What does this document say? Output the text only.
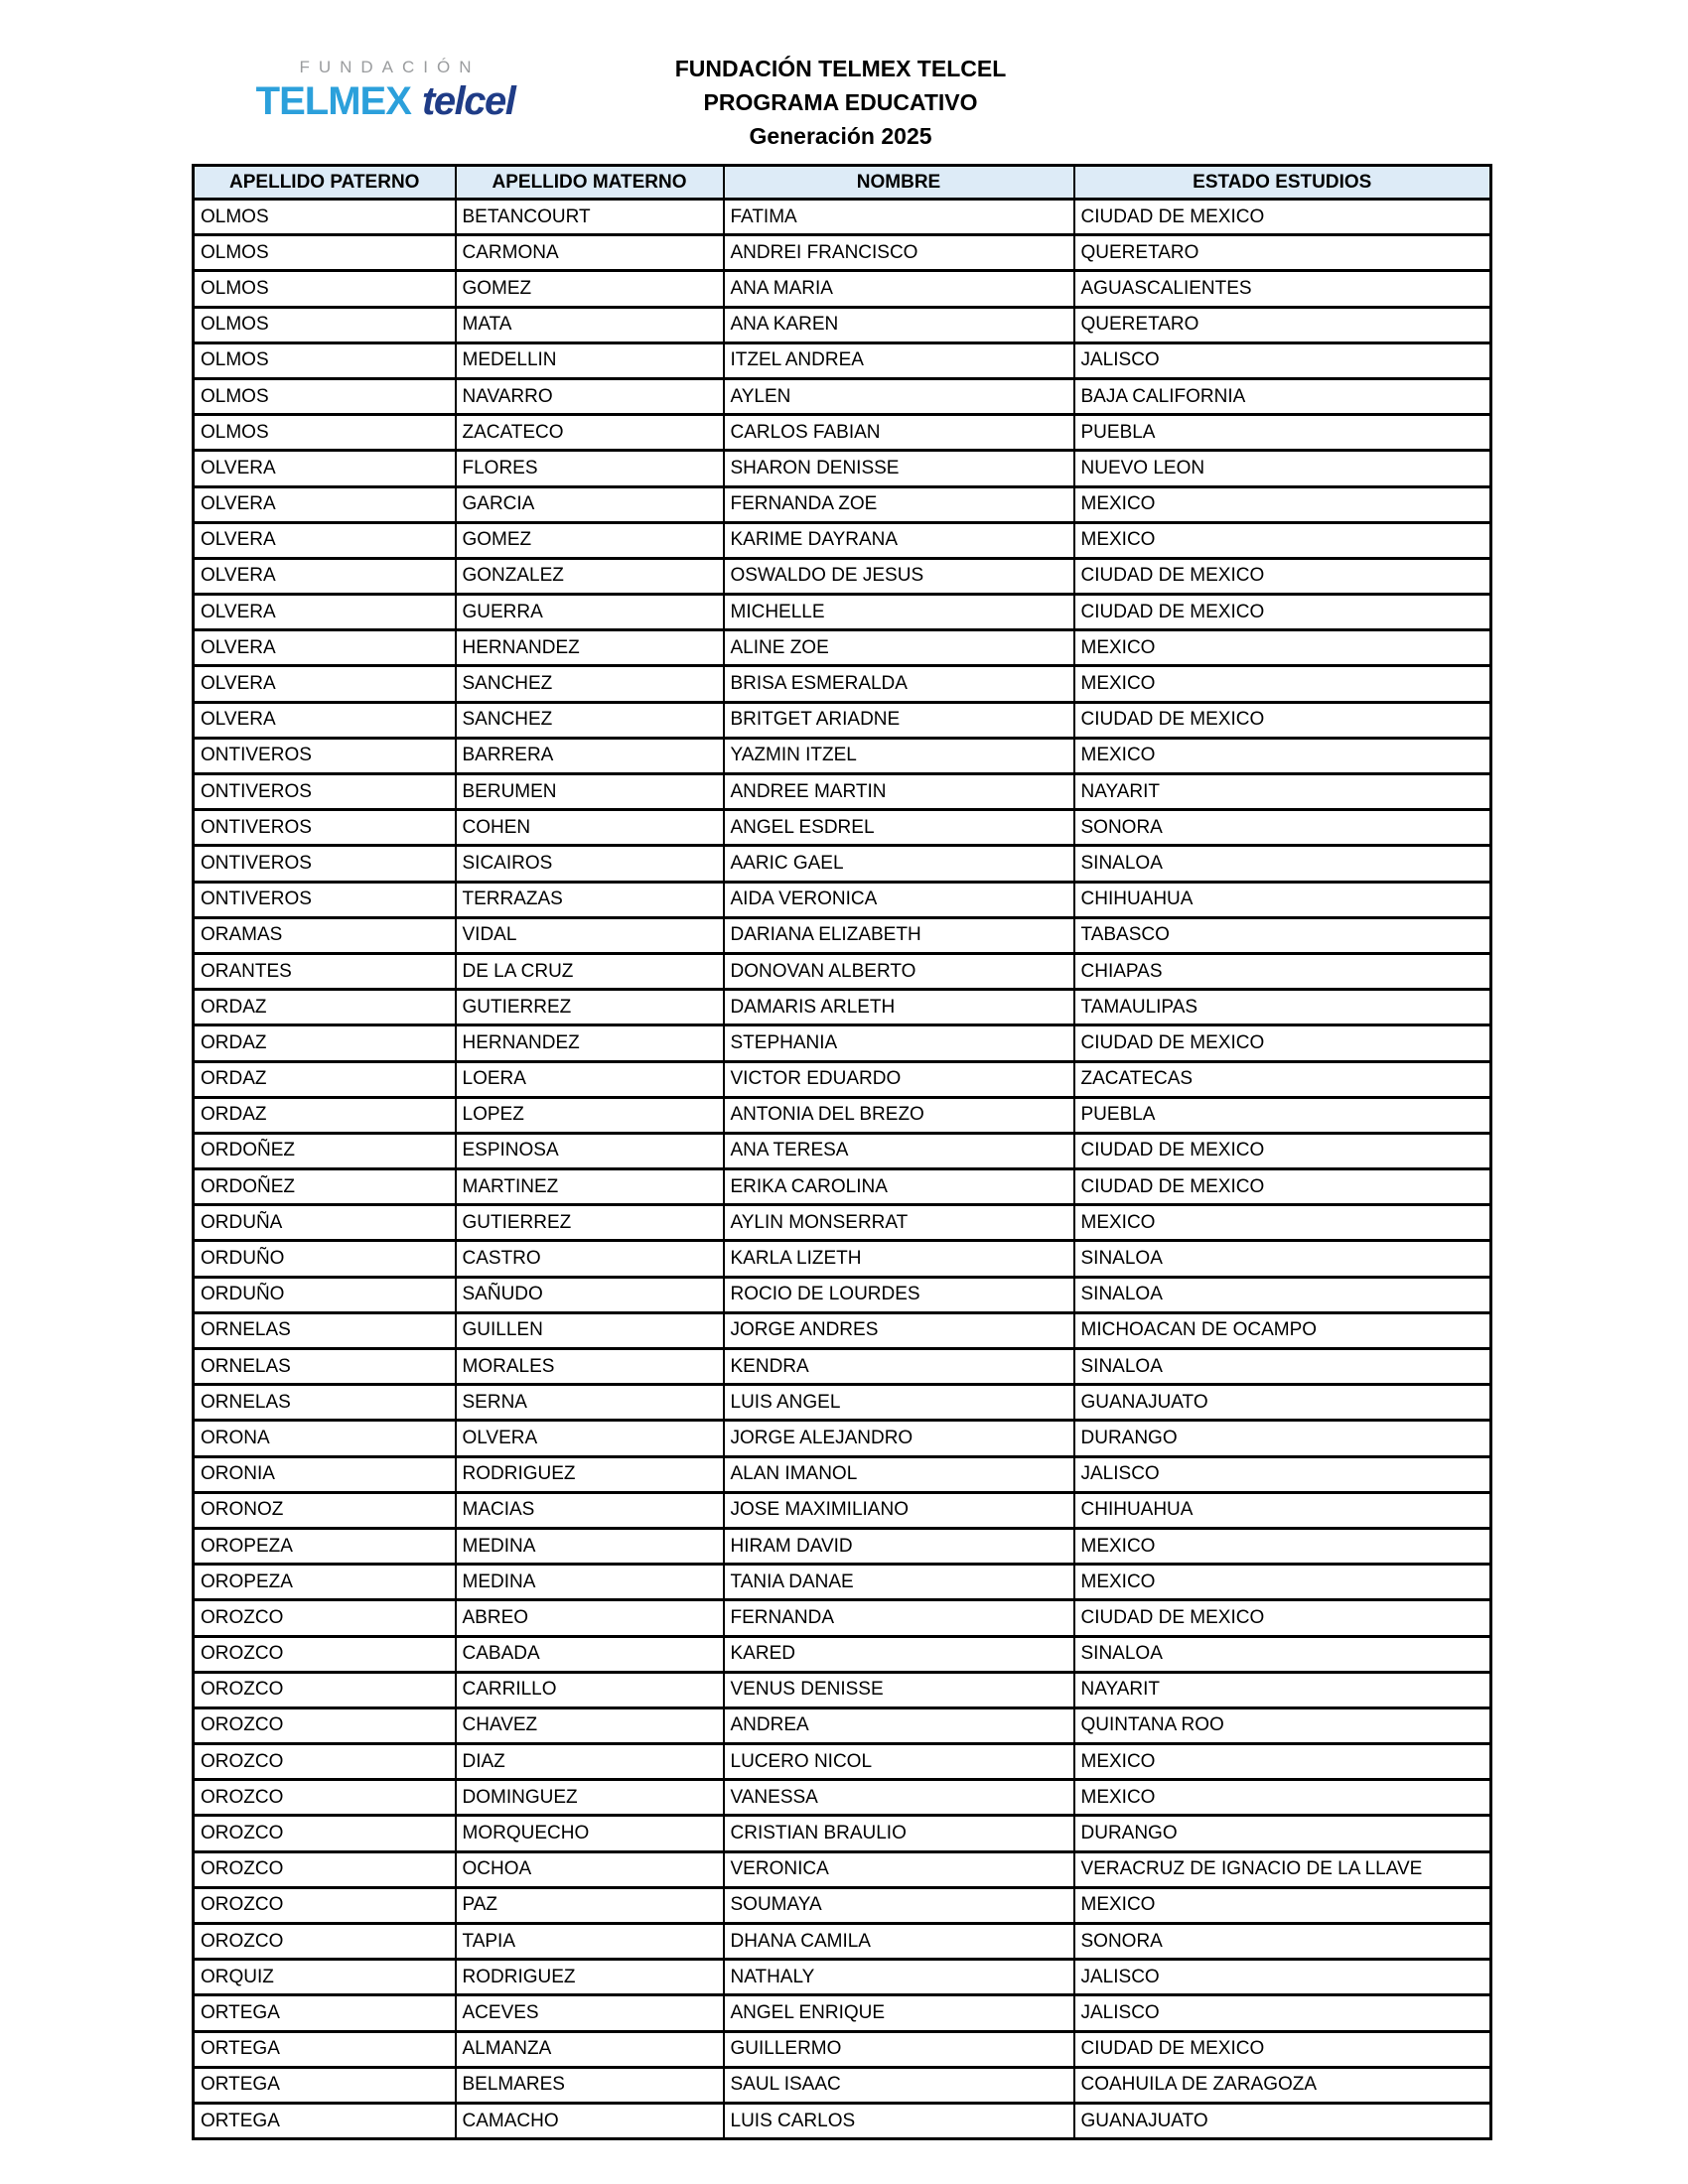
FUNDACIÓN
TELMEX telcel
FUNDACIÓN TELMEX TELCEL
PROGRAMA EDUCATIVO
Generación 2025
APELLIDO PATERNO	APELLIDO MATERNO	NOMBRE	ESTADO ESTUDIOS
OLMOS	BETANCOURT	FATIMA	CIUDAD DE MEXICO
OLMOS	CARMONA	ANDREI FRANCISCO	QUERETARO
OLMOS	GOMEZ	ANA MARIA	AGUASCALIENTES
OLMOS	MATA	ANA KAREN	QUERETARO
OLMOS	MEDELLIN	ITZEL ANDREA	JALISCO
OLMOS	NAVARRO	AYLEN	BAJA CALIFORNIA
OLMOS	ZACATECO	CARLOS FABIAN	PUEBLA
OLVERA	FLORES	SHARON DENISSE	NUEVO LEON
OLVERA	GARCIA	FERNANDA ZOE	MEXICO
OLVERA	GOMEZ	KARIME DAYRANA	MEXICO
OLVERA	GONZALEZ	OSWALDO DE JESUS	CIUDAD DE MEXICO
OLVERA	GUERRA	MICHELLE	CIUDAD DE MEXICO
OLVERA	HERNANDEZ	ALINE ZOE	MEXICO
OLVERA	SANCHEZ	BRISA ESMERALDA	MEXICO
OLVERA	SANCHEZ	BRITGET ARIADNE	CIUDAD DE MEXICO
ONTIVEROS	BARRERA	YAZMIN ITZEL	MEXICO
ONTIVEROS	BERUMEN	ANDREE MARTIN	NAYARIT
ONTIVEROS	COHEN	ANGEL ESDREL	SONORA
ONTIVEROS	SICAIROS	AARIC GAEL	SINALOA
ONTIVEROS	TERRAZAS	AIDA VERONICA	CHIHUAHUA
ORAMAS	VIDAL	DARIANA ELIZABETH	TABASCO
ORANTES	DE LA CRUZ	DONOVAN ALBERTO	CHIAPAS
ORDAZ	GUTIERREZ	DAMARIS ARLETH	TAMAULIPAS
ORDAZ	HERNANDEZ	STEPHANIA	CIUDAD DE MEXICO
ORDAZ	LOERA	VICTOR EDUARDO	ZACATECAS
ORDAZ	LOPEZ	ANTONIA DEL BREZO	PUEBLA
ORDOÑEZ	ESPINOSA	ANA TERESA	CIUDAD DE MEXICO
ORDOÑEZ	MARTINEZ	ERIKA CAROLINA	CIUDAD DE MEXICO
ORDUÑA	GUTIERREZ	AYLIN MONSERRAT	MEXICO
ORDUÑO	CASTRO	KARLA LIZETH	SINALOA
ORDUÑO	SAÑUDO	ROCIO DE LOURDES	SINALOA
ORNELAS	GUILLEN	JORGE ANDRES	MICHOACAN DE OCAMPO
ORNELAS	MORALES	KENDRA	SINALOA
ORNELAS	SERNA	LUIS ANGEL	GUANAJUATO
ORONA	OLVERA	JORGE ALEJANDRO	DURANGO
ORONIA	RODRIGUEZ	ALAN IMANOL	JALISCO
ORONOZ	MACIAS	JOSE MAXIMILIANO	CHIHUAHUA
OROPEZA	MEDINA	HIRAM DAVID	MEXICO
OROPEZA	MEDINA	TANIA DANAE	MEXICO
OROZCO	ABREO	FERNANDA	CIUDAD DE MEXICO
OROZCO	CABADA	KARED	SINALOA
OROZCO	CARRILLO	VENUS DENISSE	NAYARIT
OROZCO	CHAVEZ	ANDREA	QUINTANA ROO
OROZCO	DIAZ	LUCERO NICOL	MEXICO
OROZCO	DOMINGUEZ	VANESSA	MEXICO
OROZCO	MORQUECHO	CRISTIAN BRAULIO	DURANGO
OROZCO	OCHOA	VERONICA	VERACRUZ DE IGNACIO DE LA LLAVE
OROZCO	PAZ	SOUMAYA	MEXICO
OROZCO	TAPIA	DHANA CAMILA	SONORA
ORQUIZ	RODRIGUEZ	NATHALY	JALISCO
ORTEGA	ACEVES	ANGEL ENRIQUE	JALISCO
ORTEGA	ALMANZA	GUILLERMO	CIUDAD DE MEXICO
ORTEGA	BELMARES	SAUL ISAAC	COAHUILA DE ZARAGOZA
ORTEGA	CAMACHO	LUIS CARLOS	GUANAJUATO
